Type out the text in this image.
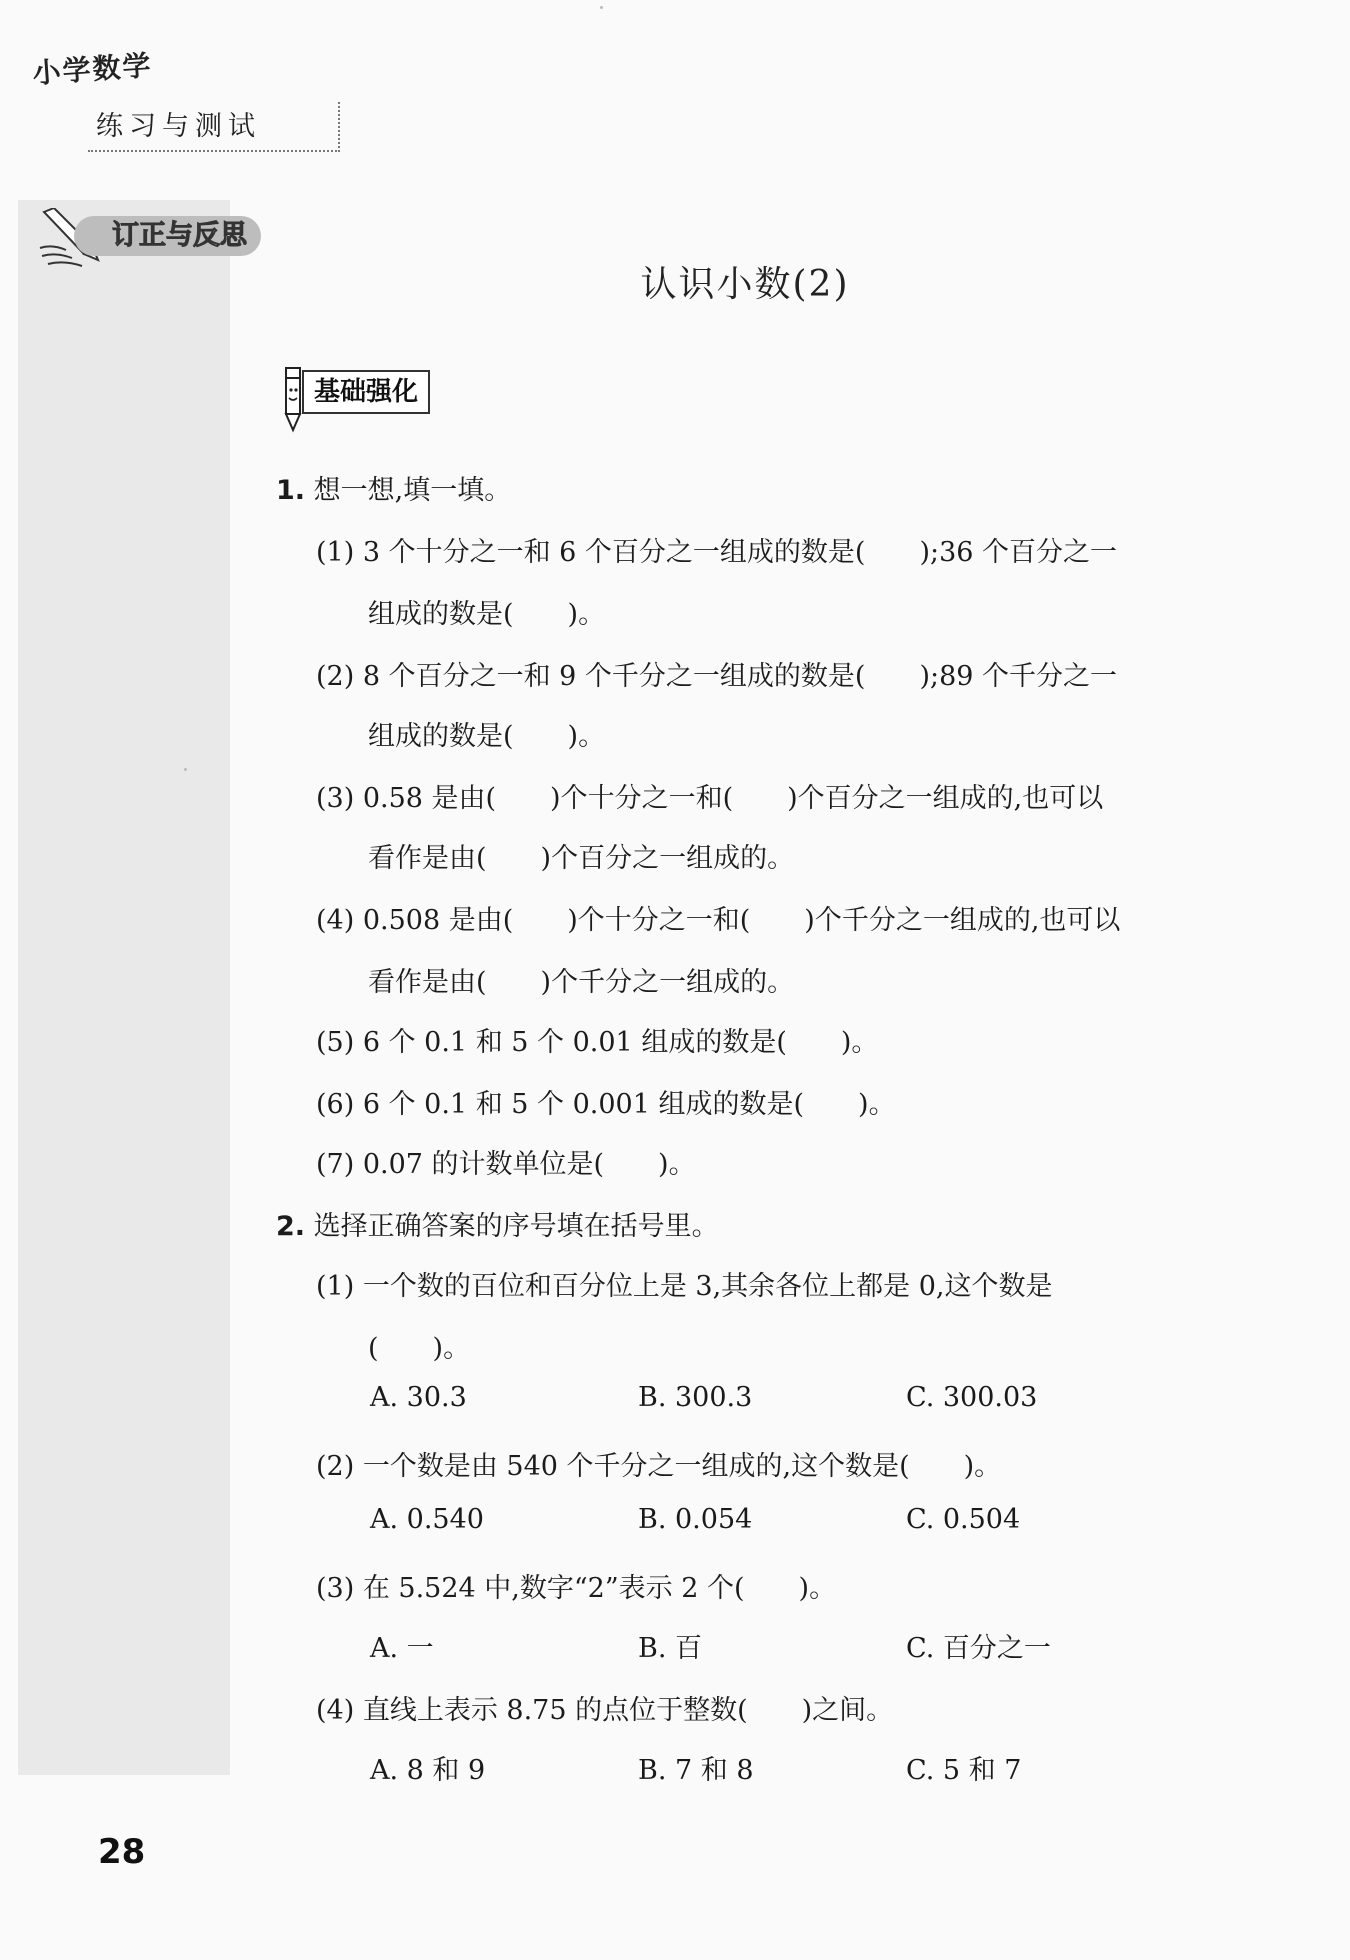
小学数学
练习与测试
订正与反思
认识小数(2)
基础强化
1. 想一想,填一填。
(1) 3 个十分之一和 6 个百分之一组成的数是(　　);36 个百分之一
组成的数是(　　)。
(2) 8 个百分之一和 9 个千分之一组成的数是(　　);89 个千分之一
组成的数是(　　)。
(3) 0.58 是由(　　)个十分之一和(　　)个百分之一组成的,也可以
看作是由(　　)个百分之一组成的。
(4) 0.508 是由(　　)个十分之一和(　　)个千分之一组成的,也可以
看作是由(　　)个千分之一组成的。
(5) 6 个 0.1 和 5 个 0.01 组成的数是(　　)。
(6) 6 个 0.1 和 5 个 0.001 组成的数是(　　)。
(7) 0.07 的计数单位是(　　)。
2. 选择正确答案的序号填在括号里。
(1) 一个数的百位和百分位上是 3,其余各位上都是 0,这个数是
(　　)。
A. 30.3	B. 300.3	C. 300.03
(2) 一个数是由 540 个千分之一组成的,这个数是(　　)。
A. 0.540	B. 0.054	C. 0.504
(3) 在 5.524 中,数字“2”表示 2 个(　　)。
A. 一	B. 百	C. 百分之一
(4) 直线上表示 8.75 的点位于整数(　　)之间。
A. 8 和 9	B. 7 和 8	C. 5 和 7
28
